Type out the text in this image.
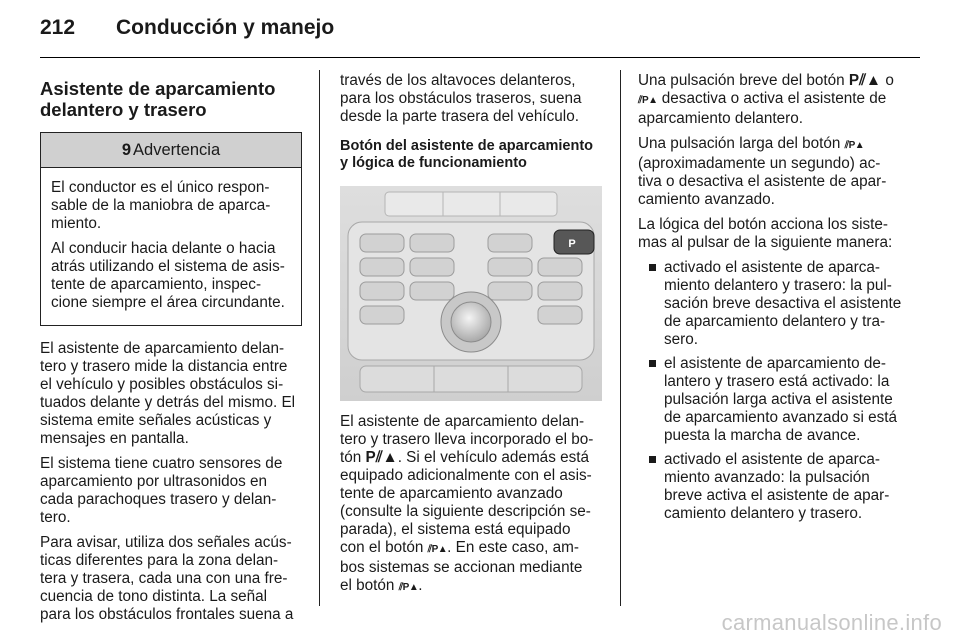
212 Conducción y manejo
Asistente de aparcamiento
delantero y trasero
9 Advertencia

El conductor es el único respon-
sable de la maniobra de aparca-
miento.

Al conducir hacia delante o hacia
atrás utilizando el sistema de asis-
tente de aparcamiento, inspec-
cione siempre el área circundante.

El asistente de aparcamiento delan-
tero y trasero mide la distancia entre
el vehículo y posibles obstáculos si-
tuados delante y detrás del mismo. El
sistema emite señales acústicas y
mensajes en pantalla.

El sistema tiene cuatro sensores de
aparcamiento por ultrasonidos en
cada parachoques trasero y delan-
tero.

Para avisar, utiliza dos señales acús-
ticas diferentes para la zona delan-
tera y trasera, cada una con una fre-
cuencia de tono distinta. La señal
para los obstáculos frontales suena a

través de los altavoces delanteros,
para los obstáculos traseros, suena
desde la parte trasera del vehículo.

Botón del asistente de aparcamiento
y lógica de funcionamiento
P

El asistente de aparcamiento delan-
tero y trasero lleva incorporado el bo-
tón P⫽▲. Si el vehículo además está
equipado adicionalmente con el asis-
tente de aparcamiento avanzado
(consulte la siguiente descripción se-
parada), el sistema está equipado
con el botón ⫽P▲. En este caso, am-
bos sistemas se accionan mediante
el botón ⫽P▲.

Una pulsación breve del botón P⫽▲ o
⫽P▲ desactiva o activa el asistente de
aparcamiento delantero.

Una pulsación larga del botón ⫽P▲
(aproximadamente un segundo) ac-
tiva o desactiva el asistente de apar-
camiento avanzado.

La lógica del botón acciona los siste-
mas al pulsar de la siguiente manera:

activado el asistente de aparca-
miento delantero y trasero: la pul-
sación breve desactiva el asistente
de aparcamiento delantero y tra-
sero.
el asistente de aparcamiento de-
lantero y trasero está activado: la
pulsación larga activa el asistente
de aparcamiento avanzado si está
puesta la marcha de avance.
activado el asistente de aparca-
miento avanzado: la pulsación
breve activa el asistente de apar-
camiento delantero y trasero.
carmanualsonline.info
